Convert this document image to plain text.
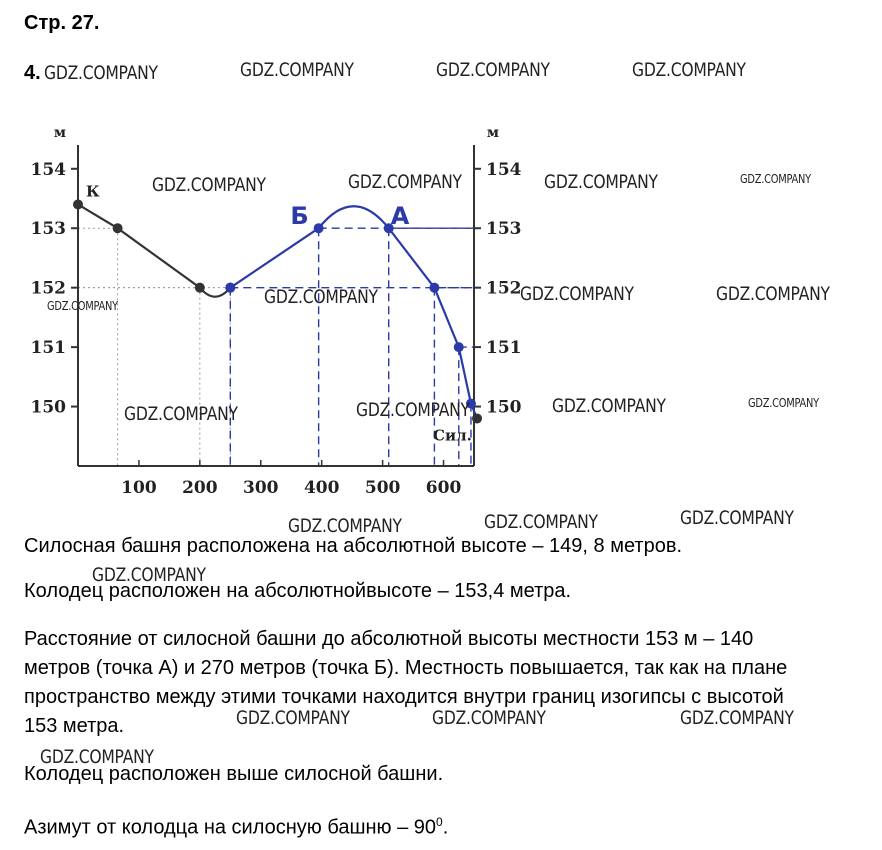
Стр. 27.
4.
м	м
150	150
151	151
152	152
153	153
154	154
100 200 300 400 500 600
К
Б	А
Сил.

Силосная башня расположена на абсолютной высоте – 149, 8 метров.

Колодец расположен на абсолютнойвысоте – 153,4 метра.

Расстояние от силосной башни до абсолютной высоты местности 153 м – 140

метров (точка А) и 270 метров (точка Б). Местность повышается, так как на плане

пространство между этими точками находится внутри границ изогипсы с высотой

153 метра.

Колодец расположен выше силосной башни.

Азимут от колодца на силосную башню – $90^0$.

GDZ.COMPANY	GDZ.COMPANY	GDZ.COMPANY	GDZ.COMPANY
GDZ.COMPANY	GDZ.COMPANY	GDZ.COMPANY	GDZ.COMPANY
GDZ.COMPANY	GDZ.COMPANY	GDZ.COMPANY	GDZ.COMPANY
GDZ.COMPANY	GDZ.COMPANY	GDZ.COMPANY	GDZ.COMPANY
GDZ.COMPANY	GDZ.COMPANY	GDZ.COMPANY
GDZ.COMPANY
GDZ.COMPANY	GDZ.COMPANY	GDZ.COMPANY
GDZ.COMPANY
